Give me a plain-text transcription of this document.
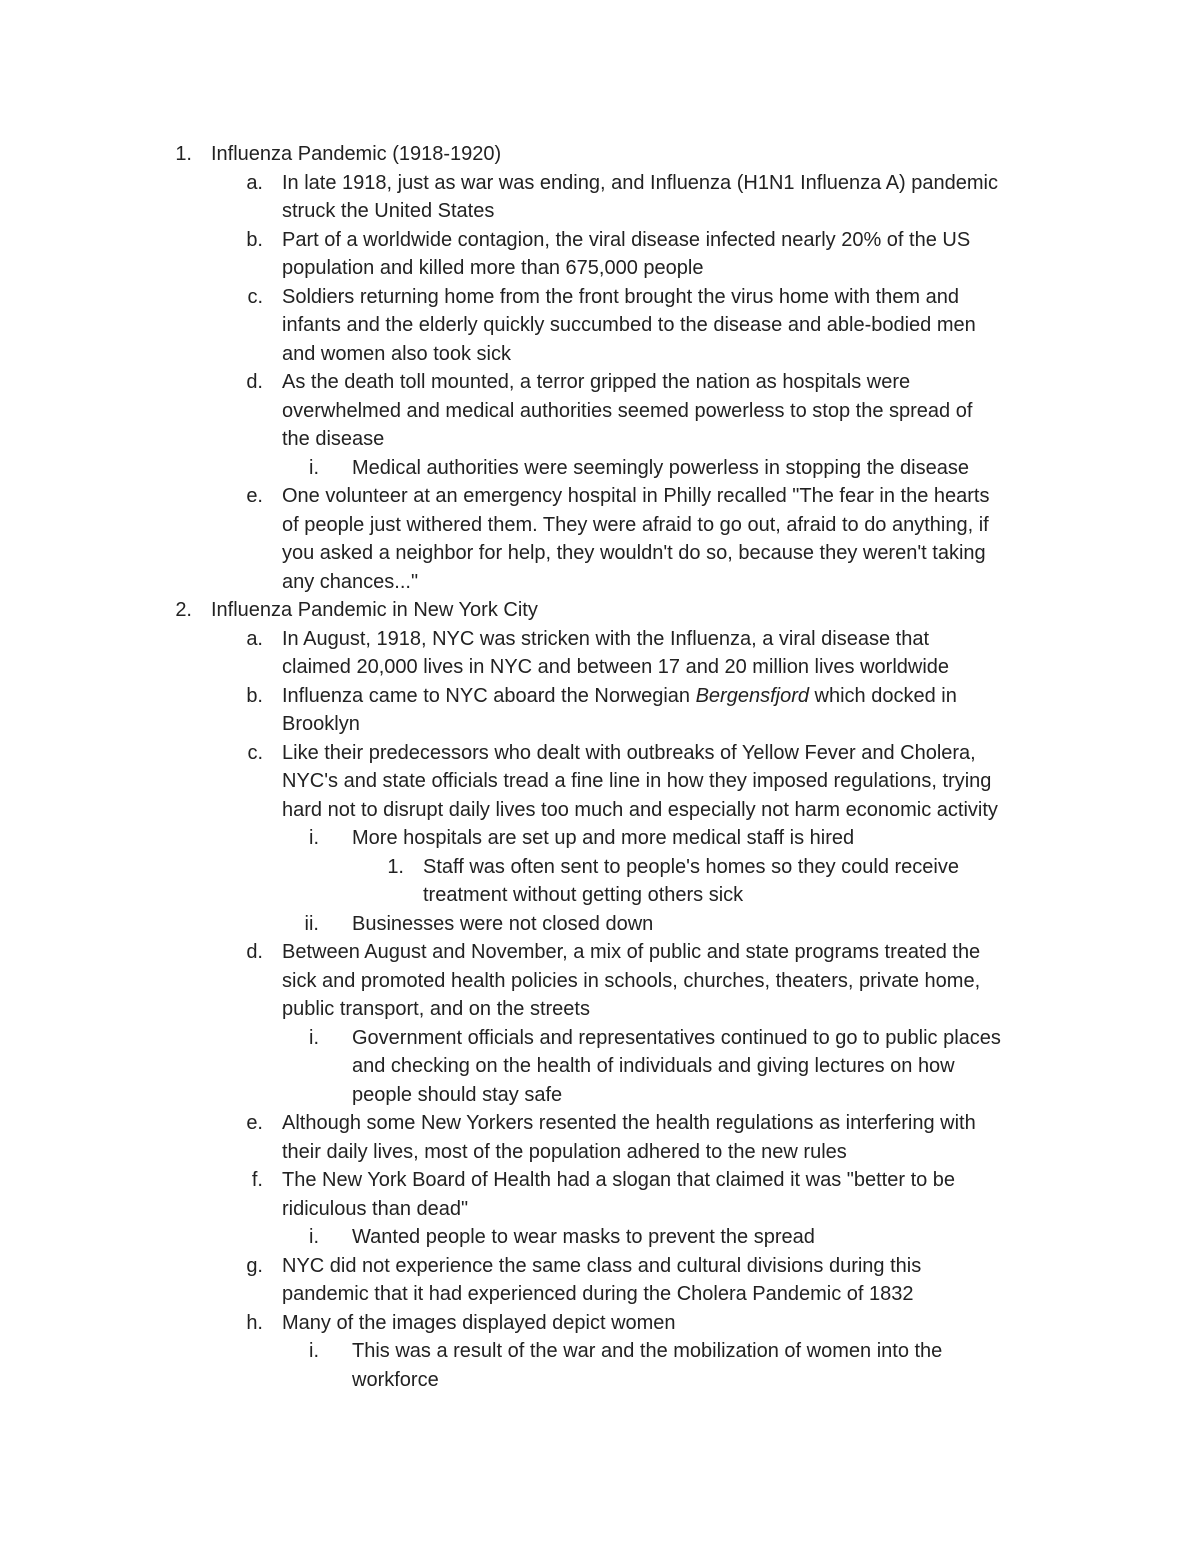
1. Influenza Pandemic (1918-1920)
a. In late 1918, just as war was ending, and Influenza (H1N1 Influenza A) pandemic
struck the United States
b. Part of a worldwide contagion, the viral disease infected nearly 20% of the US
population and killed more than 675,000 people
c. Soldiers returning home from the front brought the virus home with them and
infants and the elderly quickly succumbed to the disease and able-bodied men
and women also took sick
d. As the death toll mounted, a terror gripped the nation as hospitals were
overwhelmed and medical authorities seemed powerless to stop the spread of
the disease
i. Medical authorities were seemingly powerless in stopping the disease
e. One volunteer at an emergency hospital in Philly recalled "The fear in the hearts
of people just withered them. They were afraid to go out, afraid to do anything, if
you asked a neighbor for help, they wouldn't do so, because they weren't taking
any chances..."
2. Influenza Pandemic in New York City
a. In August, 1918, NYC was stricken with the Influenza, a viral disease that
claimed 20,000 lives in NYC and between 17 and 20 million lives worldwide
b. Influenza came to NYC aboard the Norwegian Bergensfjord which docked in
Brooklyn
c. Like their predecessors who dealt with outbreaks of Yellow Fever and Cholera,
NYC's and state officials tread a fine line in how they imposed regulations, trying
hard not to disrupt daily lives too much and especially not harm economic activity
i. More hospitals are set up and more medical staff is hired
1. Staff was often sent to people's homes so they could receive
treatment without getting others sick
ii. Businesses were not closed down
d. Between August and November, a mix of public and state programs treated the
sick and promoted health policies in schools, churches, theaters, private home,
public transport, and on the streets
i. Government officials and representatives continued to go to public places
and checking on the health of individuals and giving lectures on how
people should stay safe
e. Although some New Yorkers resented the health regulations as interfering with
their daily lives, most of the population adhered to the new rules
f. The New York Board of Health had a slogan that claimed it was "better to be
ridiculous than dead"
i. Wanted people to wear masks to prevent the spread
g. NYC did not experience the same class and cultural divisions during this
pandemic that it had experienced during the Cholera Pandemic of 1832
h. Many of the images displayed depict women
i. This was a result of the war and the mobilization of women into the
workforce
